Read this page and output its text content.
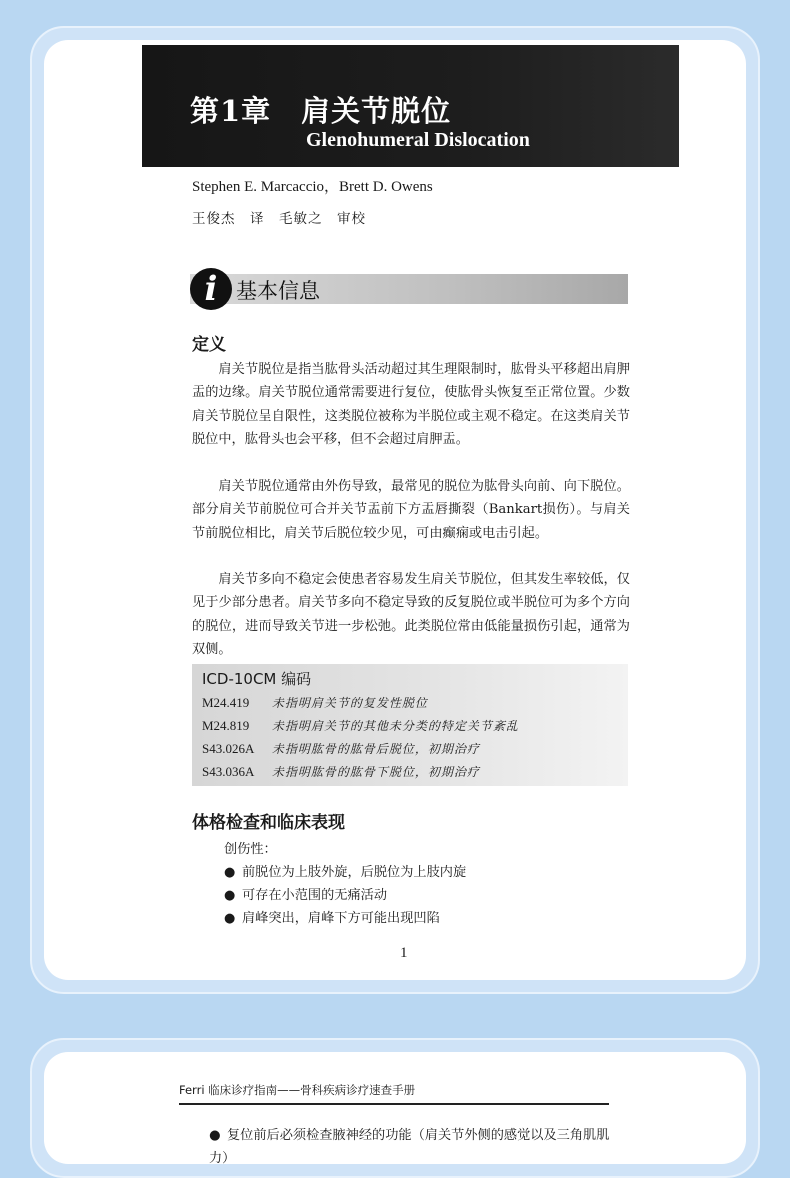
第1章　肩关节脱位
Glenohumeral Dislocation
Stephen E. Marcaccio，Brett D. Owens
王俊杰　译　毛敏之　审校
i 基本信息
定义
肩关节脱位是指当肱骨头活动超过其生理限制时，肱骨头平移超出肩胛盂的边缘。肩关节脱位通常需要进行复位，使肱骨头恢复至正常位置。少数肩关节脱位呈自限性，这类脱位被称为半脱位或主观不稳定。在这类肩关节脱位中，肱骨头也会平移，但不会超过肩胛盂。
肩关节脱位通常由外伤导致，最常见的脱位为肱骨头向前、向下脱位。部分肩关节前脱位可合并关节盂前下方盂唇撕裂（Bankart损伤）。与肩关节前脱位相比，肩关节后脱位较少见，可由癫痫或电击引起。
肩关节多向不稳定会使患者容易发生肩关节脱位，但其发生率较低，仅见于少部分患者。肩关节多向不稳定导致的反复脱位或半脱位可为多个方向的脱位，进而导致关节进一步松弛。此类脱位常由低能量损伤引起，通常为双侧。
ICD-10CM 编码
M24.419 未指明肩关节的复发性脱位
M24.819 未指明肩关节的其他未分类的特定关节紊乱
S43.026A 未指明肱骨的肱骨后脱位，初期治疗
S43.036A 未指明肱骨的肱骨下脱位，初期治疗
体格检查和临床表现
创伤性：
● 前脱位为上肢外旋，后脱位为上肢内旋
● 可存在小范围的无痛活动
● 肩峰突出，肩峰下方可能出现凹陷
1
Ferri 临床诊疗指南——骨科疾病诊疗速查手册
● 复位前后必须检查腋神经的功能（肩关节外侧的感觉以及三角肌肌力）
